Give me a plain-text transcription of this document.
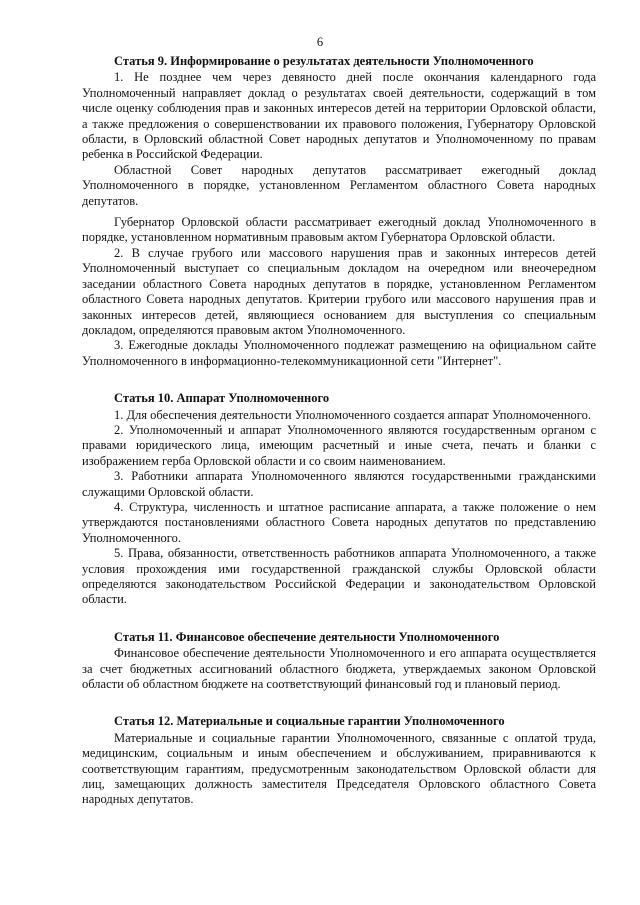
6

Статья 9. Информирование о результатах деятельности Уполномоченного

1. Не позднее чем через девяносто дней после окончания календарного года Уполномоченный направляет доклад о результатах своей деятельности, содержащий в том числе оценку соблюдения прав и законных интересов детей на территории Орловской области, а также предложения о совершенствовании их правового положения, Губернатору Орловской области, в Орловский областной Совет народных депутатов и Уполномоченному по правам ребенка в Российской Федерации.

Областной Совет народных депутатов рассматривает ежегодный доклад Уполномоченного в порядке, установленном Регламентом областного Совета народных депутатов.

Губернатор Орловской области рассматривает ежегодный доклад Уполномоченного в порядке, установленном нормативным правовым актом Губернатора Орловской области.

2. В случае грубого или массового нарушения прав и законных интересов детей Уполномоченный выступает со специальным докладом на очередном или внеочередном заседании областного Совета народных депутатов в порядке, установленном Регламентом областного Совета народных депутатов. Критерии грубого или массового нарушения прав и законных интересов детей, являющиеся основанием для выступления со специальным докладом, определяются правовым актом Уполномоченного.

3. Ежегодные доклады Уполномоченного подлежат размещению на официальном сайте Уполномоченного в информационно-телекоммуникационной сети "Интернет".

Статья 10. Аппарат Уполномоченного

1. Для обеспечения деятельности Уполномоченного создается аппарат Уполномоченного.

2. Уполномоченный и аппарат Уполномоченного являются государственным органом с правами юридического лица, имеющим расчетный и иные счета, печать и бланки с изображением герба Орловской области и со своим наименованием.

3. Работники аппарата Уполномоченного являются государственными гражданскими служащими Орловской области.

4. Структура, численность и штатное расписание аппарата, а также положение о нем утверждаются постановлениями областного Совета народных депутатов по представлению Уполномоченного.

5. Права, обязанности, ответственность работников аппарата Уполномоченного, а также условия прохождения ими государственной гражданской службы Орловской области определяются законодательством Российской Федерации и законодательством Орловской области.

Статья 11. Финансовое обеспечение деятельности Уполномоченного

Финансовое обеспечение деятельности Уполномоченного и его аппарата осуществляется за счет бюджетных ассигнований областного бюджета, утверждаемых законом Орловской области об областном бюджете на соответствующий финансовый год и плановый период.

Статья 12. Материальные и социальные гарантии Уполномоченного

Материальные и социальные гарантии Уполномоченного, связанные с оплатой труда, медицинским, социальным и иным обеспечением и обслуживанием, приравниваются к соответствующим гарантиям, предусмотренным законодательством Орловской области для лиц, замещающих должность заместителя Председателя Орловского областного Совета народных депутатов.
